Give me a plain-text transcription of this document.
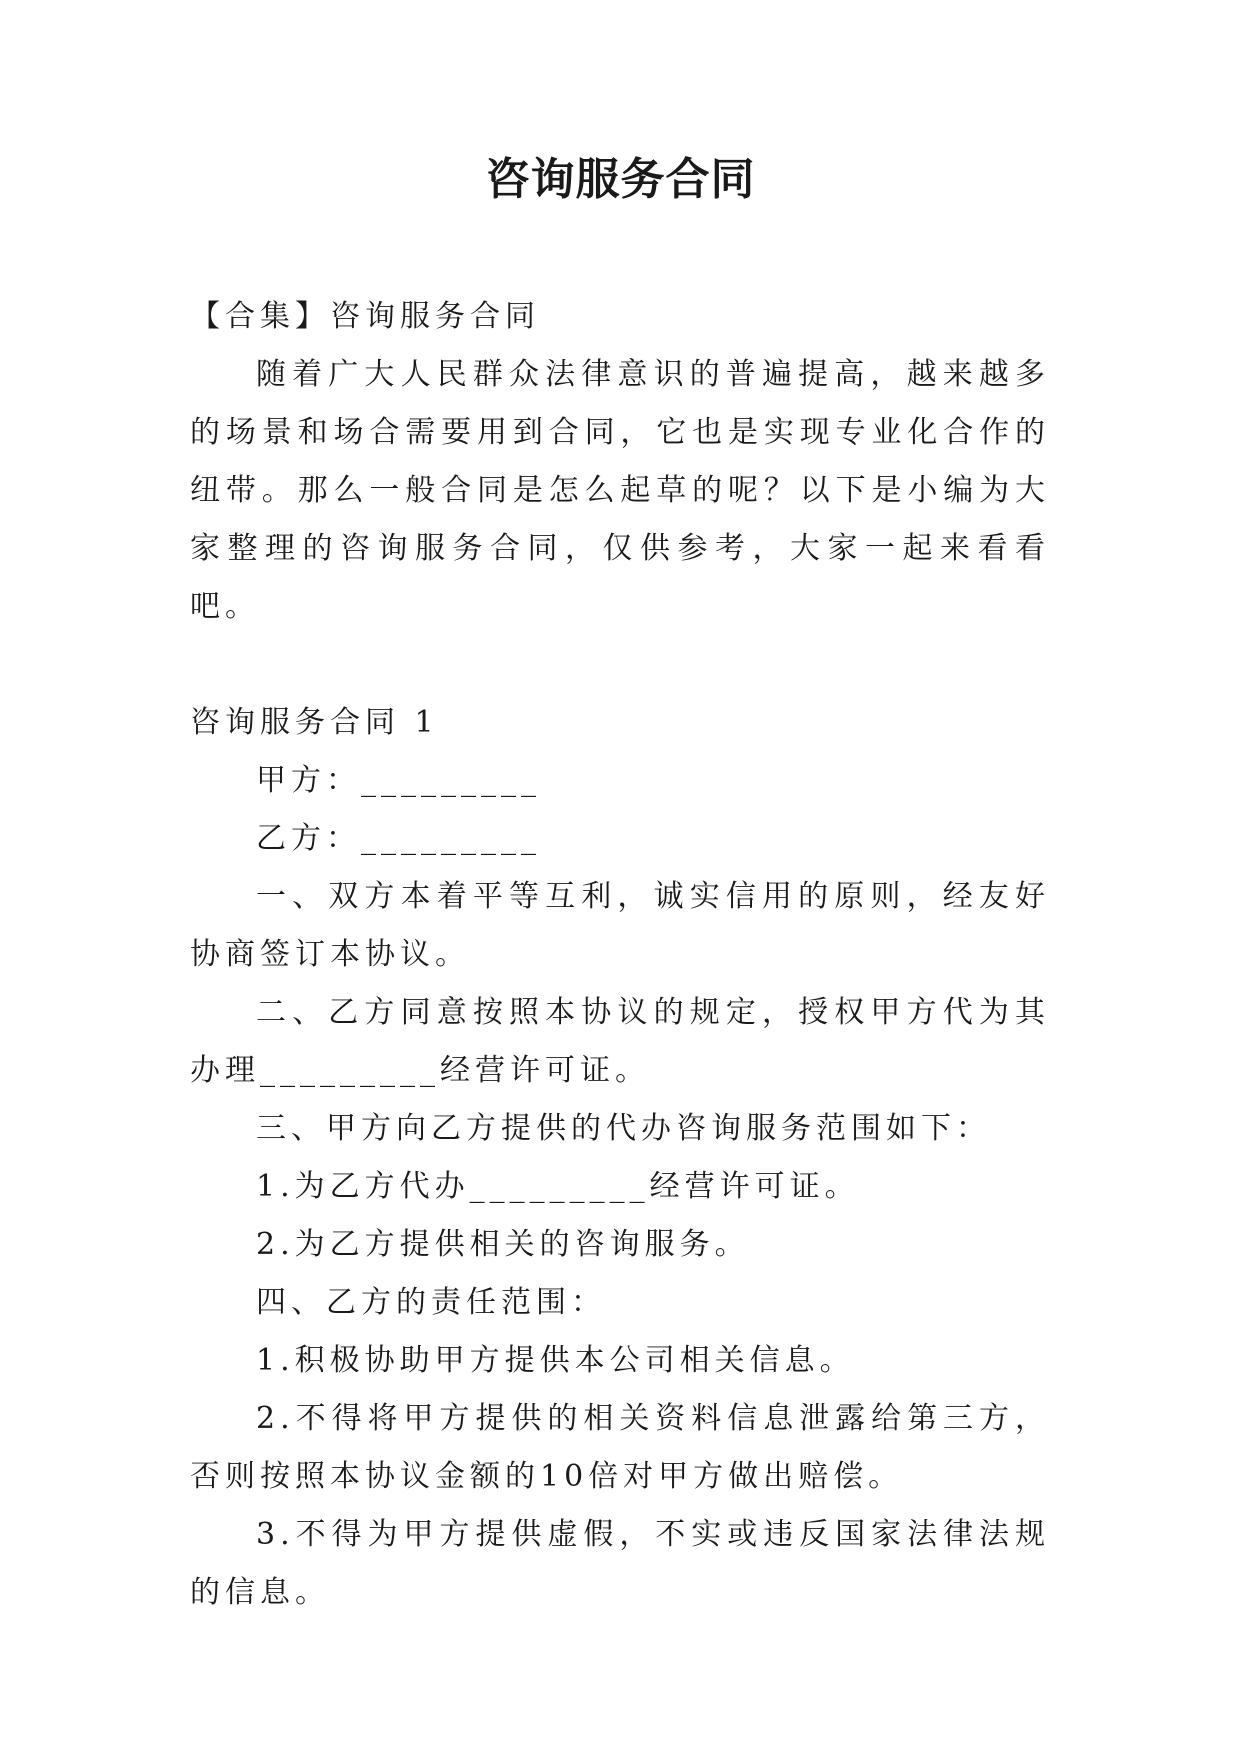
咨询服务合同

【合集】咨询服务合同

随着广大人民群众法律意识的普遍提高，越来越多的场景和场合需要用到合同，它也是实现专业化合作的纽带。那么一般合同是怎么起草的呢？以下是小编为大家整理的咨询服务合同，仅供参考，大家一起来看看吧。

咨询服务合同 1

甲方：_________

乙方：_________

一、双方本着平等互利，诚实信用的原则，经友好协商签订本协议。

二、乙方同意按照本协议的规定，授权甲方代为其办理_________经营许可证。

三、甲方向乙方提供的代办咨询服务范围如下：

1.为乙方代办_________经营许可证。

2.为乙方提供相关的咨询服务。

四、乙方的责任范围：

1.积极协助甲方提供本公司相关信息。

2.不得将甲方提供的相关资料信息泄露给第三方，否则按照本协议金额的10倍对甲方做出赔偿。

3.不得为甲方提供虚假，不实或违反国家法律法规的信息。
